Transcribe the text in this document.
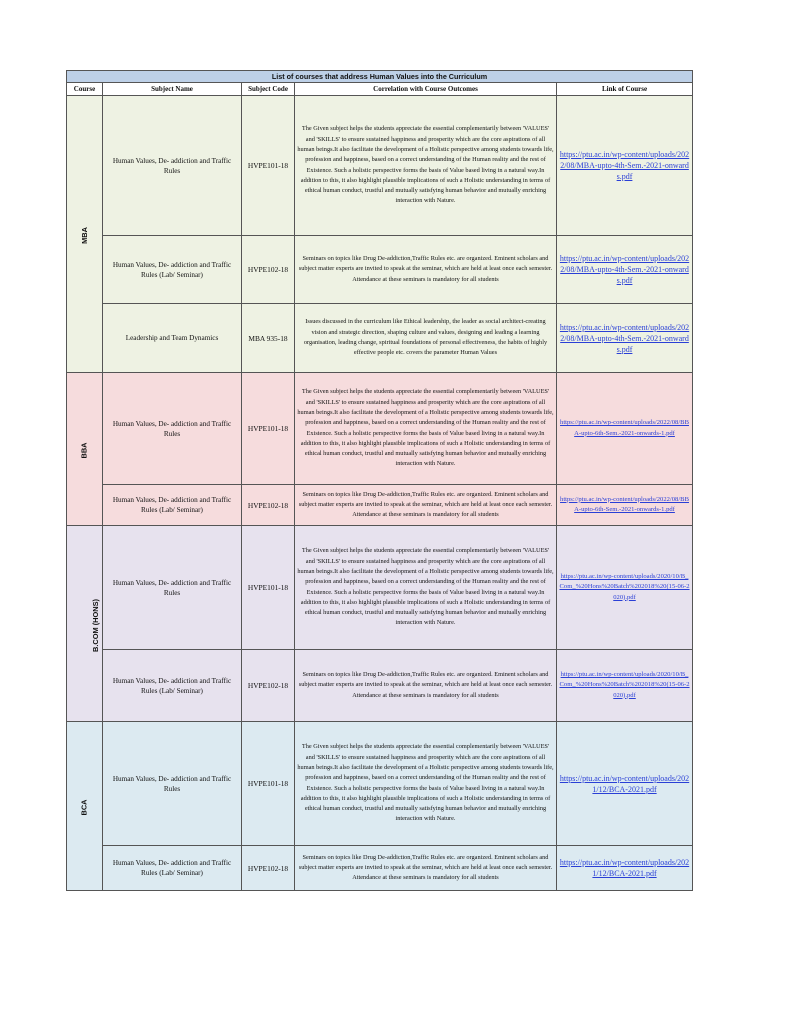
List of courses that address Human Values into the Curriculum				
Course	Subject Name	Subject Code	Correlation with Course Outcomes	Link of Course
MBA	Human Values, De- addiction and Traffic Rules	HVPE101-18	The Given subject helps the students appreciate the essential complementarily between 'VALUES' and 'SKILLS' to ensure sustained happiness and prosperity which are the core aspirations of all human beings.It also facilitate the development of a Holistic perspective among students towards life, profession and happiness, based on a correct understanding of the Human reality and the rest of Existence. Such a holistic perspective forms the basis of Value based living in a natural way.In addition to this, it also highlight plausible implications of such a Holistic understanding in terms of ethical human conduct, trustful and mutually satisfying human behavior and mutually enriching interaction with Nature.	https://ptu.ac.in/wp-content/uploads/2022/08/MBA-upto-4th-Sem.-2021-onwards.pdf
	Human Values, De- addiction and Traffic Rules (Lab/ Seminar)	HVPE102-18	Seminars on topics like Drug De-addiction,Traffic Rules etc. are organized. Eminent scholars and subject matter experts are invited to speak at the seminar, which are held at least once each semester. Attendance at these seminars is mandatory for all students	https://ptu.ac.in/wp-content/uploads/2022/08/MBA-upto-4th-Sem.-2021-onwards.pdf
	Leadership and Team Dynamics	MBA 935-18	Issues discussed in the curriculum like Ethical leadership, the leader as social architect-creating vision and strategic direction, shaping culture and values, designing and leading a learning organisation, leading change, spiritual foundations of personal effectiveness, the habits of highly effective people etc. covers the parameter Human Values	https://ptu.ac.in/wp-content/uploads/2022/08/MBA-upto-4th-Sem.-2021-onwards.pdf
BBA	Human Values, De- addiction and Traffic Rules	HVPE101-18	The Given subject helps the students appreciate the essential complementarily between 'VALUES' and 'SKILLS' to ensure sustained happiness and prosperity which are the core aspirations of all human beings.It also facilitate the development of a Holistic perspective among students towards life, profession and happiness, based on a correct understanding of the Human reality and the rest of Existence. Such a holistic perspective forms the basis of Value based living in a natural way.In addition to this, it also highlight plausible implications of such a Holistic understanding in terms of ethical human conduct, trustful and mutually satisfying human behavior and mutually enriching interaction with Nature.	https://ptu.ac.in/wp-content/uploads/2022/08/BBA-upto-6th-Sem.-2021-onwards-1.pdf
	Human Values, De- addiction and Traffic Rules (Lab/ Seminar)	HVPE102-18	Seminars on topics like Drug De-addiction,Traffic Rules etc. are organized. Eminent scholars and subject matter experts are invited to speak at the seminar, which are held at least once each semester. Attendance at these seminars is mandatory for all students	https://ptu.ac.in/wp-content/uploads/2022/08/BBA-upto-6th-Sem.-2021-onwards-1.pdf
B.COM (HONS)	Human Values, De- addiction and Traffic Rules	HVPE101-18	The Given subject helps the students appreciate the essential complementarily between 'VALUES' and 'SKILLS' to ensure sustained happiness and prosperity which are the core aspirations of all human beings.It also facilitate the development of a Holistic perspective among students towards life, profession and happiness, based on a correct understanding of the Human reality and the rest of Existence. Such a holistic perspective forms the basis of Value based living in a natural way.In addition to this, it also highlight plausible implications of such a Holistic understanding in terms of ethical human conduct, trustful and mutually satisfying human behavior and mutually enriching interaction with Nature.	https://ptu.ac.in/wp-content/uploads/2020/10/B_Com_%20Hons%20Batch%202018%20(15-06-2020).pdf
	Human Values, De- addiction and Traffic Rules (Lab/ Seminar)	HVPE102-18	Seminars on topics like Drug De-addiction,Traffic Rules etc. are organized. Eminent scholars and subject matter experts are invited to speak at the seminar, which are held at least once each semester. Attendance at these seminars is mandatory for all students	https://ptu.ac.in/wp-content/uploads/2020/10/B_Com_%20Hons%20Batch%202018%20(15-06-2020).pdf
BCA	Human Values, De- addiction and Traffic Rules	HVPE101-18	The Given subject helps the students appreciate the essential complementarily between 'VALUES' and 'SKILLS' to ensure sustained happiness and prosperity which are the core aspirations of all human beings.It also facilitate the development of a Holistic perspective among students towards life, profession and happiness, based on a correct understanding of the Human reality and the rest of Existence. Such a holistic perspective forms the basis of Value based living in a natural way.In addition to this, it also highlight plausible implications of such a Holistic understanding in terms of ethical human conduct, trustful and mutually satisfying human behavior and mutually enriching interaction with Nature.	https://ptu.ac.in/wp-content/uploads/2021/12/BCA-2021.pdf
	Human Values, De- addiction and Traffic Rules (Lab/ Seminar)	HVPE102-18	Seminars on topics like Drug De-addiction,Traffic Rules etc. are organized. Eminent scholars and subject matter experts are invited to speak at the seminar, which are held at least once each semester. Attendance at these seminars is mandatory for all students	https://ptu.ac.in/wp-content/uploads/2021/12/BCA-2021.pdf
